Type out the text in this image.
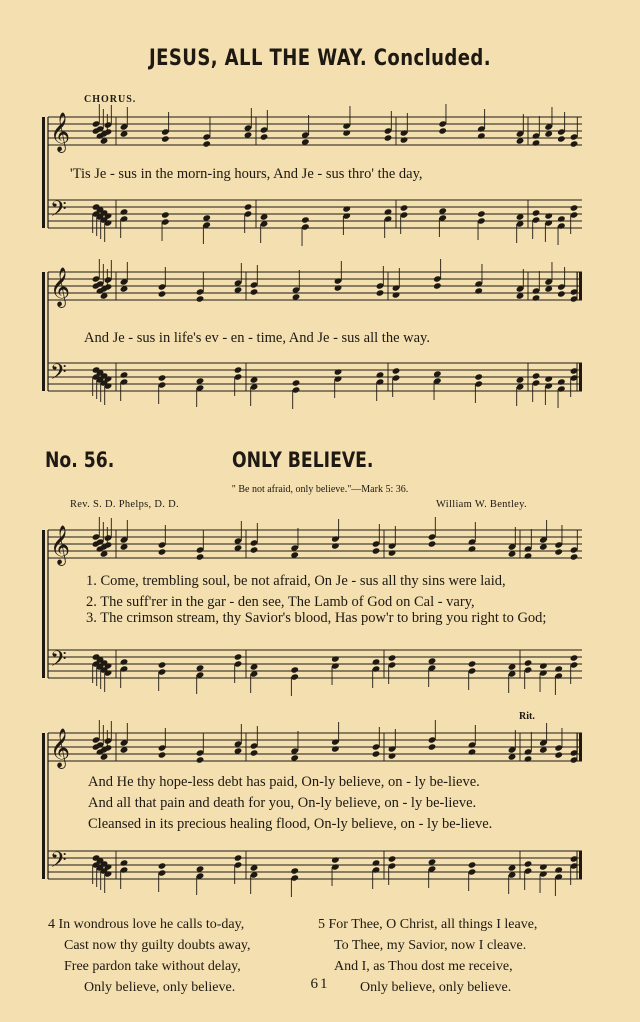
JESUS, ALL THE WAY. Concluded.
CHORUS.
𝄞
𝄢
𝄞
𝄢
𝄞
𝄢
𝄞
𝄢
'Tis Je - sus in the morn-ing hours, And Je - sus thro' the day,
And Je - sus in life's ev - en - time, And Je - sus all the way.
No. 56.	ONLY BELIEVE.
" Be not afraid, only believe."—Mark 5: 36.
Rev. S. D. Phelps, D. D.	William W. Bentley.
1. Come, trembling soul, be not afraid, On Je - sus all thy sins were laid,
2. The suff'rer in the gar - den see, The Lamb of God on Cal - vary,
3. The crimson stream, thy Savior's blood, Has pow'r to bring you right to God;
Rit.
And He thy hope-less debt has paid, On-ly believe, on - ly be-lieve.
And all that pain and death for you, On-ly believe, on - ly be-lieve.
Cleansed in its precious healing flood, On-ly believe, on - ly be-lieve.
4 In wondrous love he calls to-day,
Cast now thy guilty doubts away,
Free pardon take without delay,
Only believe, only believe.
5 For Thee, O Christ, all things I leave,
To Thee, my Savior, now I cleave.
And I, as Thou dost me receive,
Only believe, only believe.
61
